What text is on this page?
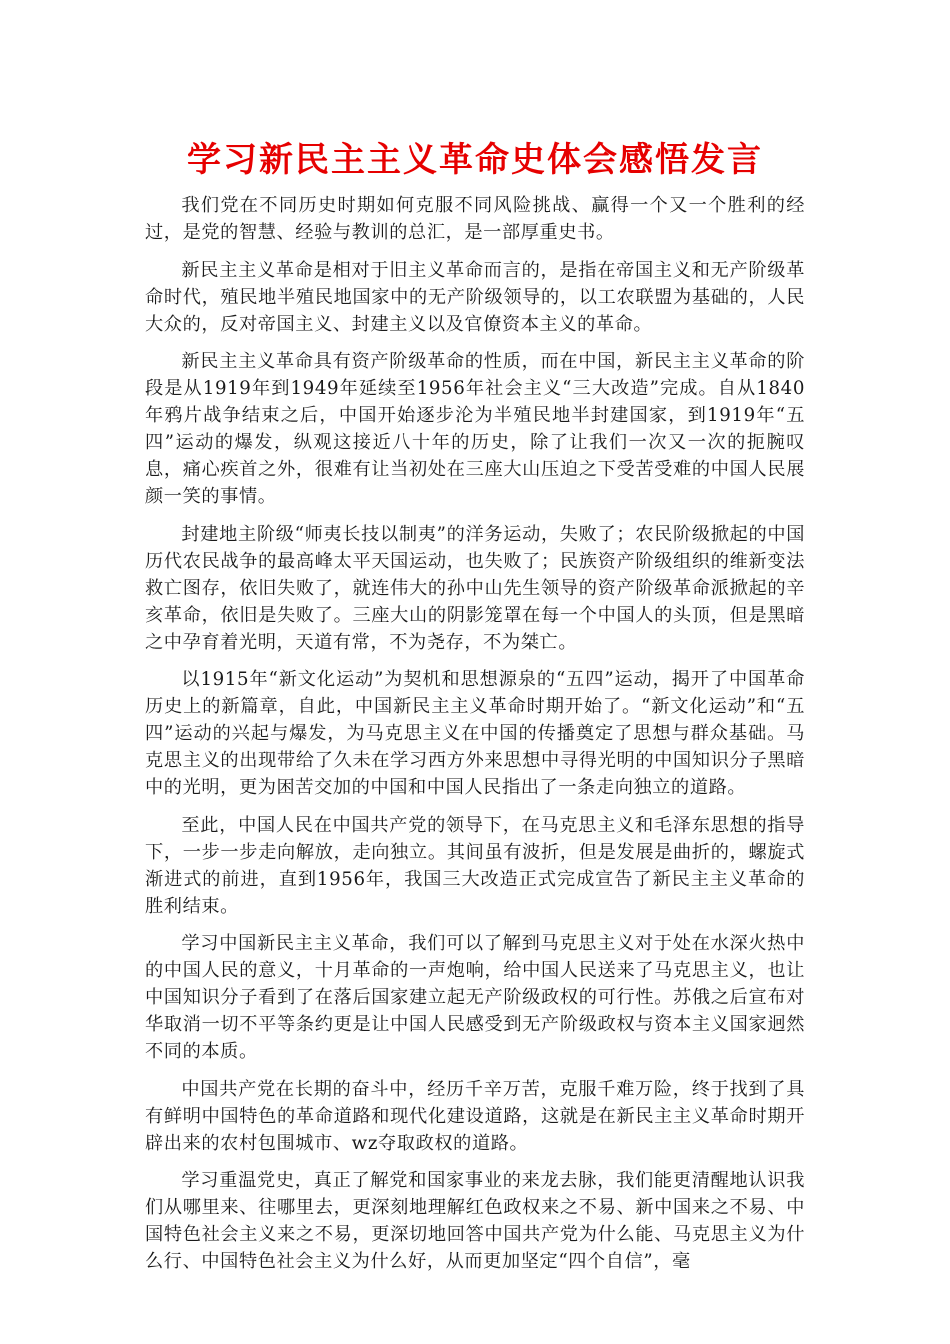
学习新民主主义革命史体会感悟发言

我们党在不同历史时期如何克服不同风险挑战、赢得一个又一个胜利的经过，是党的智慧、经验与教训的总汇，是一部厚重史书。

新民主主义革命是相对于旧主义革命而言的，是指在帝国主义和无产阶级革命时代，殖民地半殖民地国家中的无产阶级领导的，以工农联盟为基础的，人民大众的，反对帝国主义、封建主义以及官僚资本主义的革命。

新民主主义革命具有资产阶级革命的性质，而在中国，新民主主义革命的阶段是从1919年到1949年延续至1956年社会主义“三大改造”完成。自从1840年鸦片战争结束之后，中国开始逐步沦为半殖民地半封建国家，到1919年“五四”运动的爆发，纵观这接近八十年的历史，除了让我们一次又一次的扼腕叹息，痛心疾首之外，很难有让当初处在三座大山压迫之下受苦受难的中国人民展颜一笑的事情。

封建地主阶级“师夷长技以制夷”的洋务运动，失败了；农民阶级掀起的中国历代农民战争的最高峰太平天国运动，也失败了；民族资产阶级组织的维新变法救亡图存，依旧失败了，就连伟大的孙中山先生领导的资产阶级革命派掀起的辛亥革命，依旧是失败了。三座大山的阴影笼罩在每一个中国人的头顶，但是黑暗之中孕育着光明，天道有常，不为尧存，不为桀亡。

以1915年“新文化运动”为契机和思想源泉的“五四”运动，揭开了中国革命历史上的新篇章，自此，中国新民主主义革命时期开始了。“新文化运动”和“五四”运动的兴起与爆发，为马克思主义在中国的传播奠定了思想与群众基础。马克思主义的出现带给了久未在学习西方外来思想中寻得光明的中国知识分子黑暗中的光明，更为困苦交加的中国和中国人民指出了一条走向独立的道路。

至此，中国人民在中国共产党的领导下，在马克思主义和毛泽东思想的指导下，一步一步走向解放，走向独立。其间虽有波折，但是发展是曲折的，螺旋式渐进式的前进，直到1956年，我国三大改造正式完成宣告了新民主主义革命的胜利结束。

学习中国新民主主义革命，我们可以了解到马克思主义对于处在水深火热中的中国人民的意义，十月革命的一声炮响，给中国人民送来了马克思主义，也让中国知识分子看到了在落后国家建立起无产阶级政权的可行性。苏俄之后宣布对华取消一切不平等条约更是让中国人民感受到无产阶级政权与资本主义国家迥然不同的本质。

中国共产党在长期的奋斗中，经历千辛万苦，克服千难万险，终于找到了具有鲜明中国特色的革命道路和现代化建设道路，这就是在新民主主义革命时期开辟出来的农村包围城市、wz夺取政权的道路。

学习重温党史，真正了解党和国家事业的来龙去脉，我们能更清醒地认识我们从哪里来、往哪里去，更深刻地理解红色政权来之不易、新中国来之不易、中国特色社会主义来之不易，更深切地回答中国共产党为什么能、马克思主义为什么行、中国特色社会主义为什么好，从而更加坚定“四个自信”，毫
